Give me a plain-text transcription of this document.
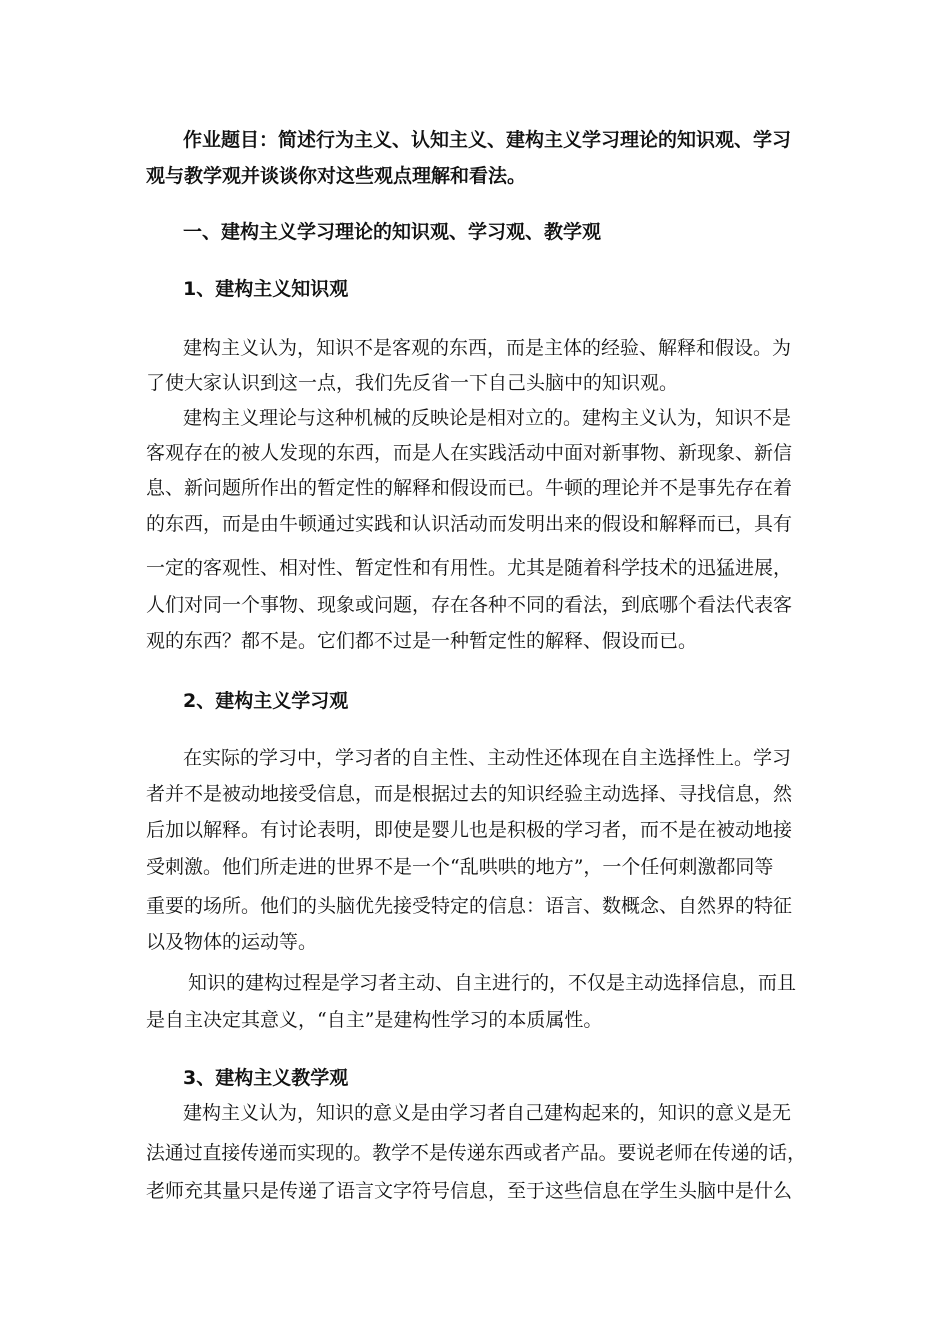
作业题目：简述行为主义、认知主义、建构主义学习理论的知识观、学习
观与教学观并谈谈你对这些观点理解和看法。
一、建构主义学习理论的知识观、学习观、教学观
1、建构主义知识观
建构主义认为，知识不是客观的东西，而是主体的经验、解释和假设。为
了使大家认识到这一点，我们先反省一下自己头脑中的知识观。
建构主义理论与这种机械的反映论是相对立的。建构主义认为，知识不是
客观存在的被人发现的东西，而是人在实践活动中面对新事物、新现象、新信
息、新问题所作出的暂定性的解释和假设而已。牛顿的理论并不是事先存在着
的东西，而是由牛顿通过实践和认识活动而发明出来的假设和解释而已，具有
一定的客观性、相对性、暂定性和有用性。尤其是随着科学技术的迅猛进展，
人们对同一个事物、现象或问题，存在各种不同的看法，到底哪个看法代表客
观的东西？都不是。它们都不过是一种暂定性的解释、假设而已。
2、建构主义学习观
在实际的学习中，学习者的自主性、主动性还体现在自主选择性上。学习
者并不是被动地接受信息，而是根据过去的知识经验主动选择、寻找信息，然
后加以解释。有讨论表明，即使是婴儿也是积极的学习者，而不是在被动地接
受刺激。他们所走进的世界不是一个“乱哄哄的地方”，一个任何刺激都同等
重要的场所。他们的头脑优先接受特定的信息：语言、数概念、自然界的特征
以及物体的运动等。
知识的建构过程是学习者主动、自主进行的，不仅是主动选择信息，而且
是自主决定其意义，“自主”是建构性学习的本质属性。
3、建构主义教学观
建构主义认为，知识的意义是由学习者自己建构起来的，知识的意义是无
法通过直接传递而实现的。教学不是传递东西或者产品。要说老师在传递的话，
老师充其量只是传递了语言文字符号信息，至于这些信息在学生头脑中是什么
